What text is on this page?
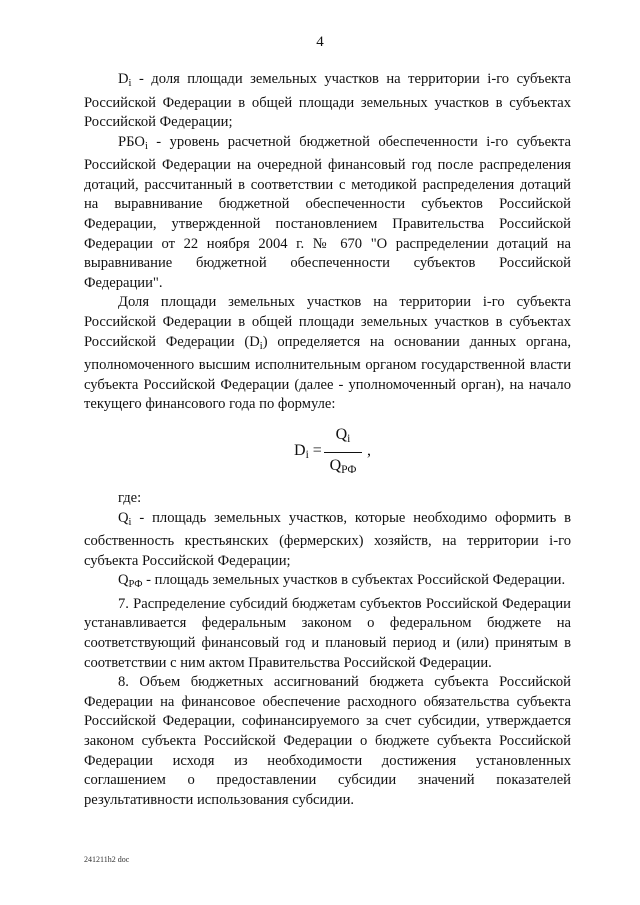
4

$D_i$ - доля площади земельных участков на территории i-го субъекта Российской Федерации в общей площади земельных участков в субъектах Российской Федерации;

$РБО_i$ - уровень расчетной бюджетной обеспеченности i-го субъекта Российской Федерации на очередной финансовый год после распределения дотаций, рассчитанный в соответствии с методикой распределения дотаций на выравнивание бюджетной обеспеченности субъектов Российской Федерации, утвержденной постановлением Правительства Российской Федерации от 22 ноября 2004 г. № 670 "О распределении дотаций на выравнивание бюджетной обеспеченности субъектов Российской Федерации".

Доля площади земельных участков на территории i-го субъекта Российской Федерации в общей площади земельных участков в субъектах Российской Федерации $(D_i)$ определяется на основании данных органа, уполномоченного высшим исполнительным органом государственной власти субъекта Российской Федерации (далее - уполномоченный орган), на начало текущего финансового года по формуле:

$D_i$ =
$Q_i$
$Q_{РФ}$
,

где:

$Q_i$ - площадь земельных участков, которые необходимо оформить в собственность крестьянских (фермерских) хозяйств, на территории i-го субъекта Российской Федерации;

$Q_{РФ}$ - площадь земельных участков в субъектах Российской Федерации.

7. Распределение субсидий бюджетам субъектов Российской Федерации устанавливается федеральным законом о федеральном бюджете на соответствующий финансовый год и плановый период и (или) принятым в соответствии с ним актом Правительства Российской Федерации.

8. Объем бюджетных ассигнований бюджета субъекта Российской Федерации на финансовое обеспечение расходного обязательства субъекта Российской Федерации, софинансируемого за счет субсидии, утверждается законом субъекта Российской Федерации о бюджете субъекта Российской Федерации исходя из необходимости достижения установленных соглашением о предоставлении субсидии значений показателей результативности использования субсидии.

241211h2 doc
